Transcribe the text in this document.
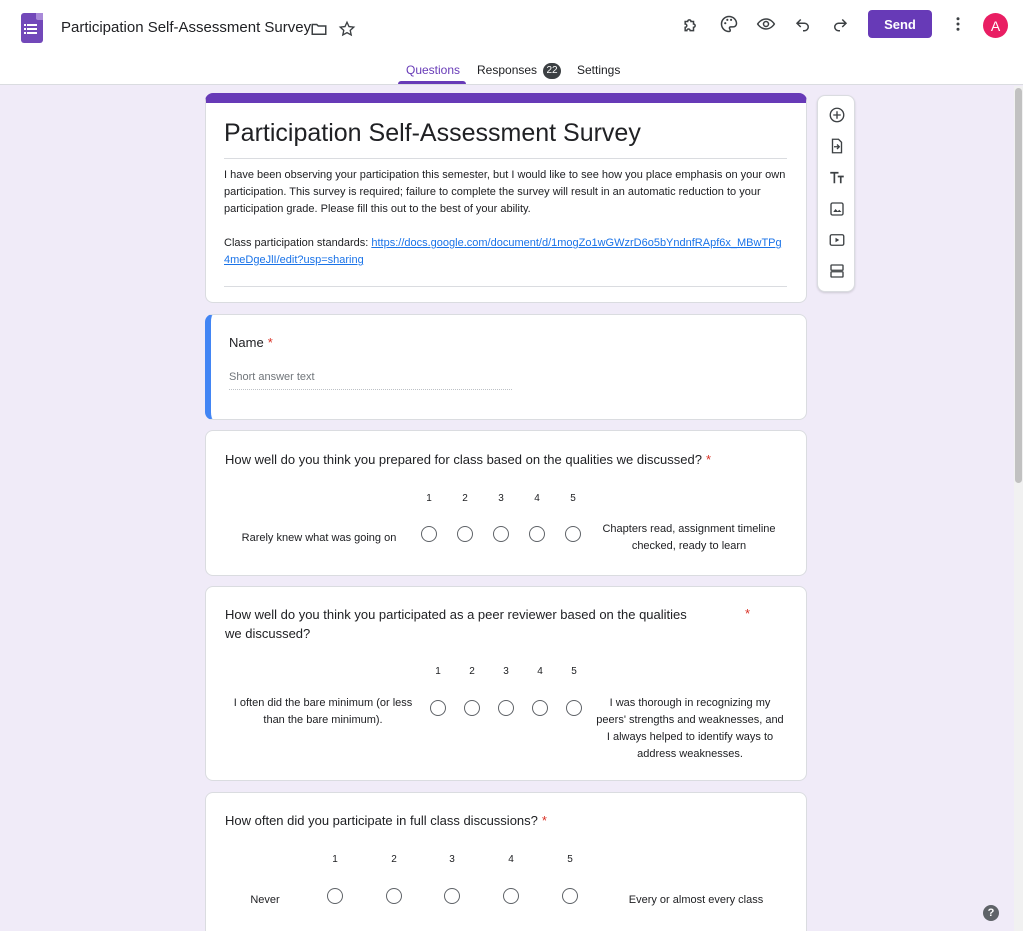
Participation Self-Assessment Survey	Send	A
Questions Responses 22 Settings
Participation Self-Assessment Survey

I have been observing your participation this semester, but I would like to see how you place emphasis on your own participation. This survey is required; failure to complete the survey will result in an automatic reduction to your participation grade. Please fill this out to the best of your ability.

Class participation standards: https://docs.google.com/document/d/1mogZo1wGWzrD6o5bYndnfRApf6x_MBwTPg4meDgeJlI/edit?usp=sharing
Name *
Short answer text
How well do you think you prepared for class based on the qualities we discussed? *
1	2	3	4	5
Rarely knew what was going on
Chapters read, assignment timeline checked, ready to learn
How well do you think you participated as a peer reviewer based on the qualities we discussed?
*
1	2	3	4	5
I often did the bare minimum (or less than the bare minimum).
I was thorough in recognizing my peers' strengths and weaknesses, and I always helped to identify ways to address weaknesses.
How often did you participate in full class discussions? *
1	2	3	4	5
Never	Every or almost every class
?
